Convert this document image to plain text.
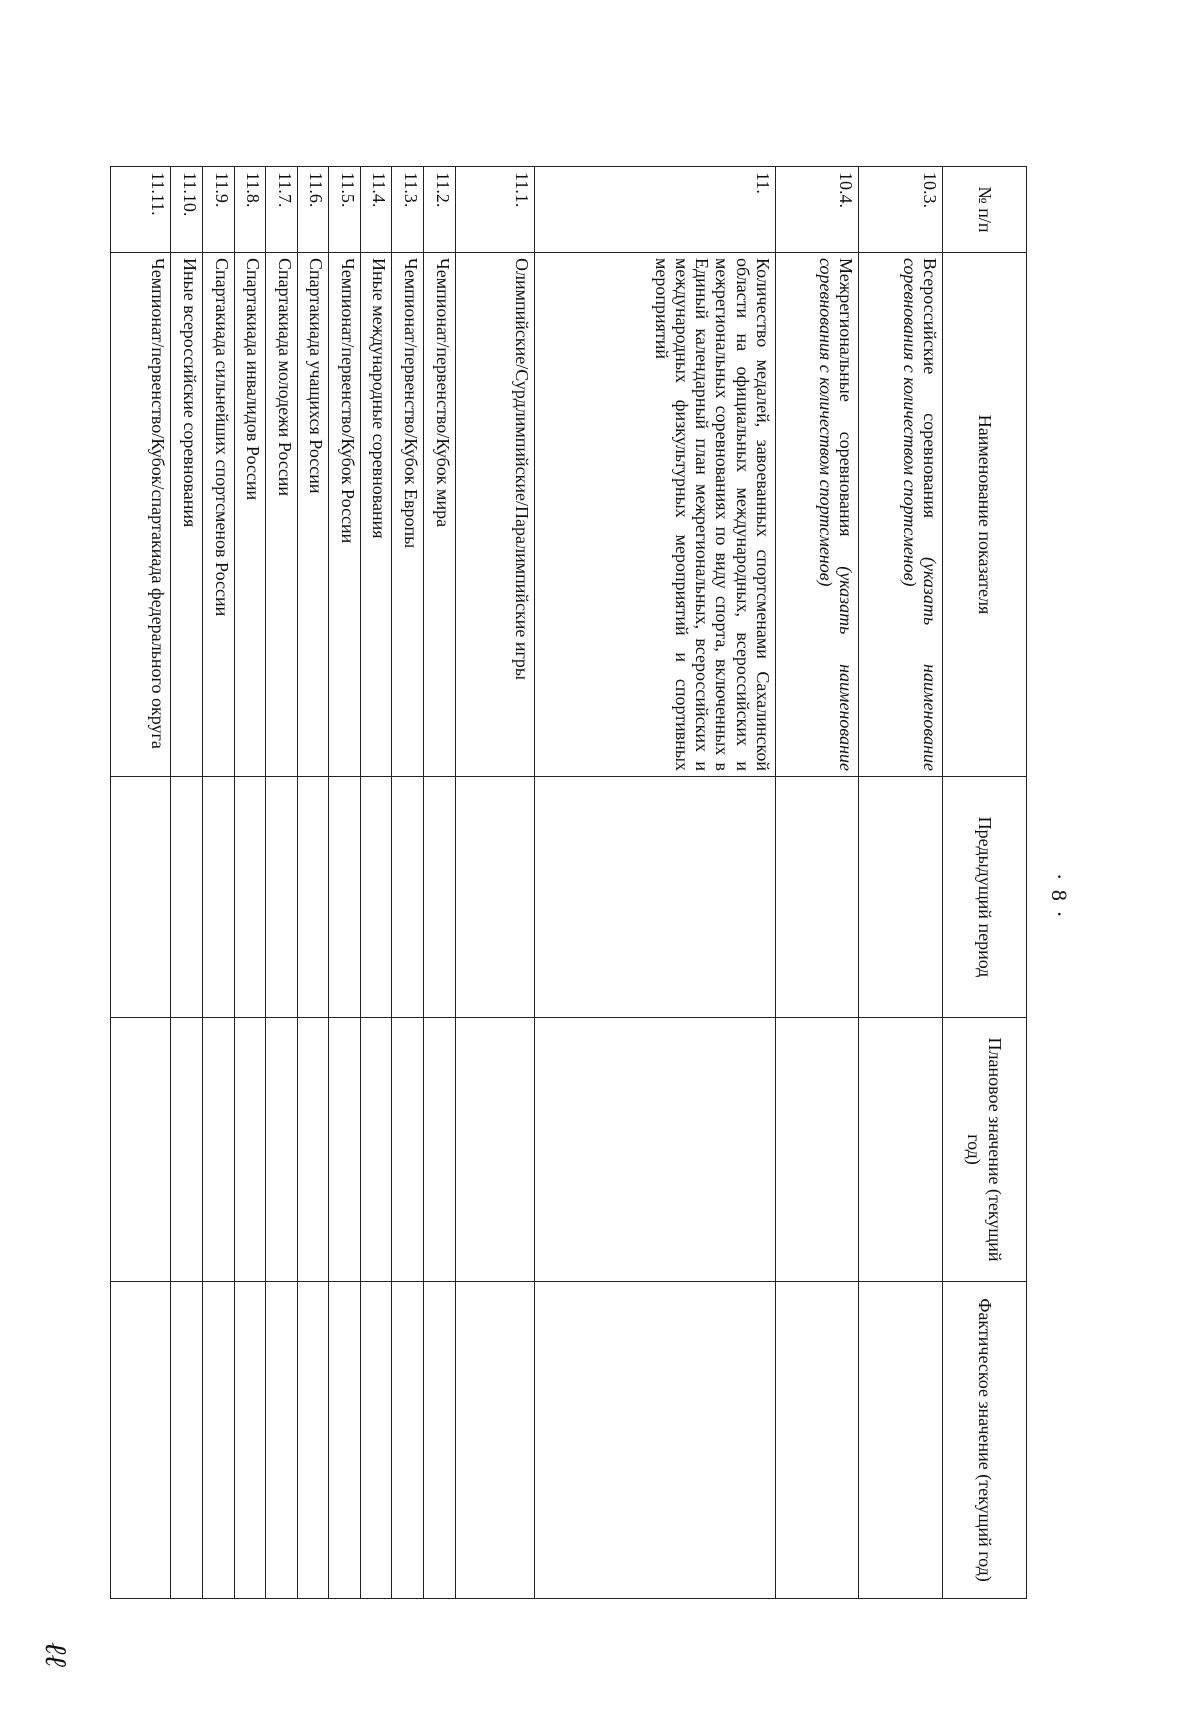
· 8 ·
ℓℓ
№ п/п	Наименование показателя	Предыдущий период	Плановое значение (текущий год)	Фактическое значение (текущий год)
10.3.	Всероссийские соревнования (указать наименование соревнования с количеством спортсменов)			
10.4.	Межрегиональные соревнования (указать наименование соревнования с количеством спортсменов)			
11.	Количество медалей, завоеванных спортсменами Сахалинской области на официальных международных, всероссийских и межрегиональных соревнованиях по виду спорта, включенных в Единый календарный план межрегиональных, всероссийских и международных физкультурных мероприятий и спортивных мероприятий			
11.1.	Олимпийские/Сурдлимпийские/Паралимпийские игры			
11.2.	Чемпионат/первенство/Кубок мира			
11.3.	Чемпионат/первенство/Кубок Европы			
11.4.	Иные международные соревнования			
11.5.	Чемпионат/первенство/Кубок России			
11.6.	Спартакиада учащихся России			
11.7.	Спартакиада молодежи России			
11.8.	Спартакиада инвалидов России			
11.9.	Спартакиада сильнейших спортсменов России			
11.10.	Иные всероссийские соревнования			
11.11.	Чемпионат/первенство/Кубок/спартакиада федерального округа			
